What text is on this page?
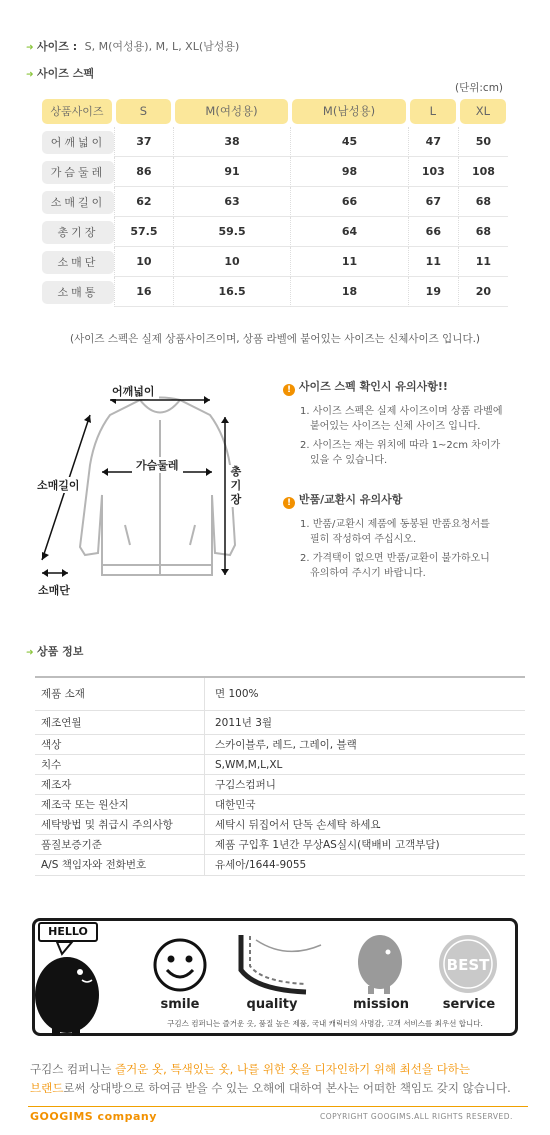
➜ 사이즈 : S, M(여성용), M, L, XL(남성용)
➜ 사이즈 스펙
(단위:cm)
상품사이즈	S	M(여성용)	M(남성용)	L	XL

어깨넓이	37	38	45	47	50

가슴둘레	86	91	98	103	108

소매길이	62	63	66	67	68

총기장	57.5	59.5	64	66	68

소매단	10	10	11	11	11

소매통	16	16.5	18	19	20
(사이즈 스펙은 실제 상품사이즈이며, 상품 라벨에 붙어있는 사이즈는 신체사이즈 입니다.)
어깨넓이
가슴둘레	총
기
장
소매길이
소매단
! 사이즈 스펙 확인시 유의사항!!
1. 사이즈 스펙은 실제 사이즈이며 상품 라벨에
붙어있는 사이즈는 신체 사이즈 입니다.
2. 사이즈는 재는 위치에 따라 1~2cm 차이가
있을 수 있습니다.
! 반품/교환시 유의사항
1. 반품/교환시 제품에 동봉된 반품요청서를
필히 작성하여 주십시오.
2. 가격택이 없으면 반품/교환이 불가하오니
유의하여 주시기 바랍니다.
➜ 상품 정보
제품 소재	면 100%
제조연월	2011년 3월
색상	스카이블루, 레드, 그레이, 블랙
치수	S,WM,M,L,XL
제조자	구김스컴퍼니
제조국 또는 원산지	대한민국
세탁방법 및 취급시 주의사항	세탁시 뒤집어서 단독 손세탁 하세요
품질보증기준	제품 구입후 1년간 무상AS실시(택배비 고객부담)
A/S 책임자와 전화번호	유세아/1644-9055
HELLO
BEST
smile	quality	mission	service
구김스 컴퍼니는 즐거운 옷, 품질 높은 제품, 국내 캐릭터의 사명감, 고객 서비스를 최우선 합니다.
구김스 컴퍼니는 즐거운 옷, 특색있는 옷, 나를 위한 옷을 디자인하기 위해 최선을 다하는
브랜드로써 상대방으로 하여금 받을 수 있는 오해에 대하여 본사는 어떠한 책임도 갖지 않습니다.
GOOGIMS company	COPYRIGHT GOOGIMS.ALL RIGHTS RESERVED.
